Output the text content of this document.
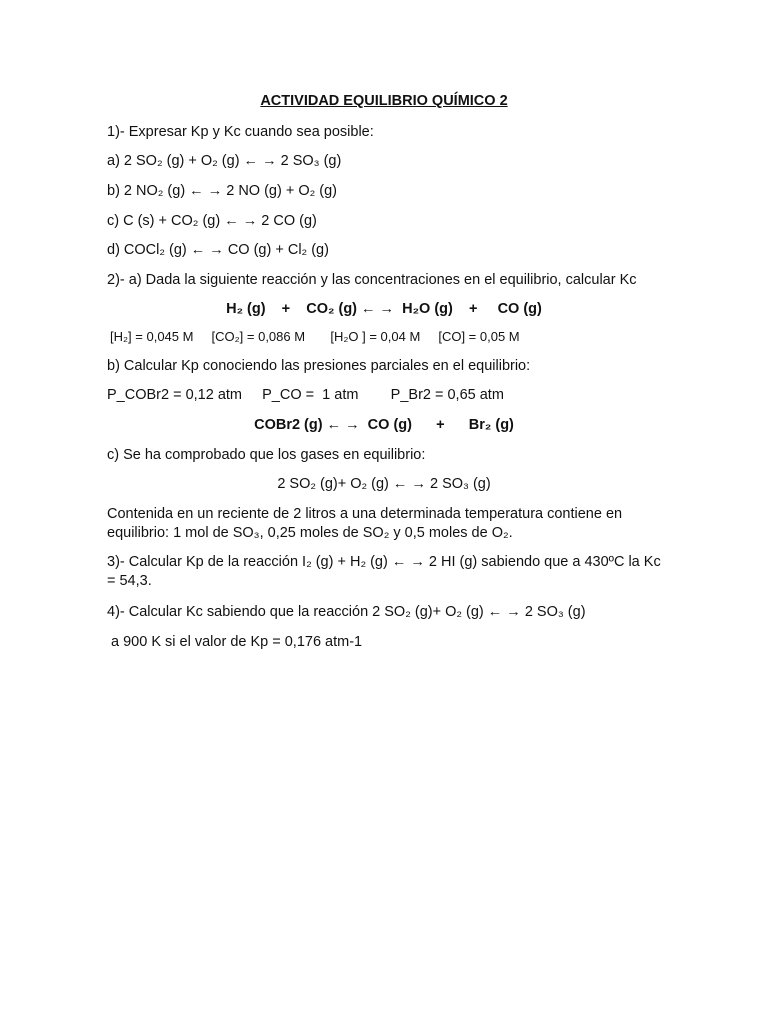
ACTIVIDAD EQUILIBRIO QUÍMICO 2
1)- Expresar Kp y Kc cuando sea posible:
a) 2 SO₂ (g) + O₂ (g) ← → 2 SO₃ (g)
b) 2 NO₂ (g) ← → 2 NO (g) + O₂ (g)
c) C (s) + CO₂ (g) ← → 2 CO (g)
d) COCl₂ (g) ← → CO (g) + Cl₂ (g)
2)- a) Dada la siguiente reacción y las concentraciones en el equilibrio, calcular Kc
H₂ (g)    +    CO₂ (g) ← →  H₂O (g)    +     CO (g)
[H₂] = 0,045 M     [CO₂] = 0,086 M       [H₂O ] = 0,04 M     [CO] = 0,05 M
b) Calcular Kp conociendo las presiones parciales en el equilibrio:
P_COBr2 = 0,12 atm     P_CO =  1 atm        P_Br2 = 0,65 atm
COBr2 (g) ← →  CO (g)      +      Br₂ (g)
c) Se ha comprobado que los gases en equilibrio:
2 SO₂ (g)+ O₂ (g) ← → 2 SO₃ (g)
Contenida en un reciente de 2 litros a una determinada temperatura contiene en equilibrio: 1 mol de SO₃, 0,25 moles de SO₂ y 0,5 moles de O₂.
3)- Calcular Kp de la reacción I₂ (g) + H₂ (g) ← → 2 HI (g) sabiendo que a 430ºC la Kc = 54,3.
4)- Calcular Kc sabiendo que la reacción 2 SO₂ (g)+ O₂ (g) ← → 2 SO₃ (g)
a 900 K si el valor de Kp = 0,176 atm-1
